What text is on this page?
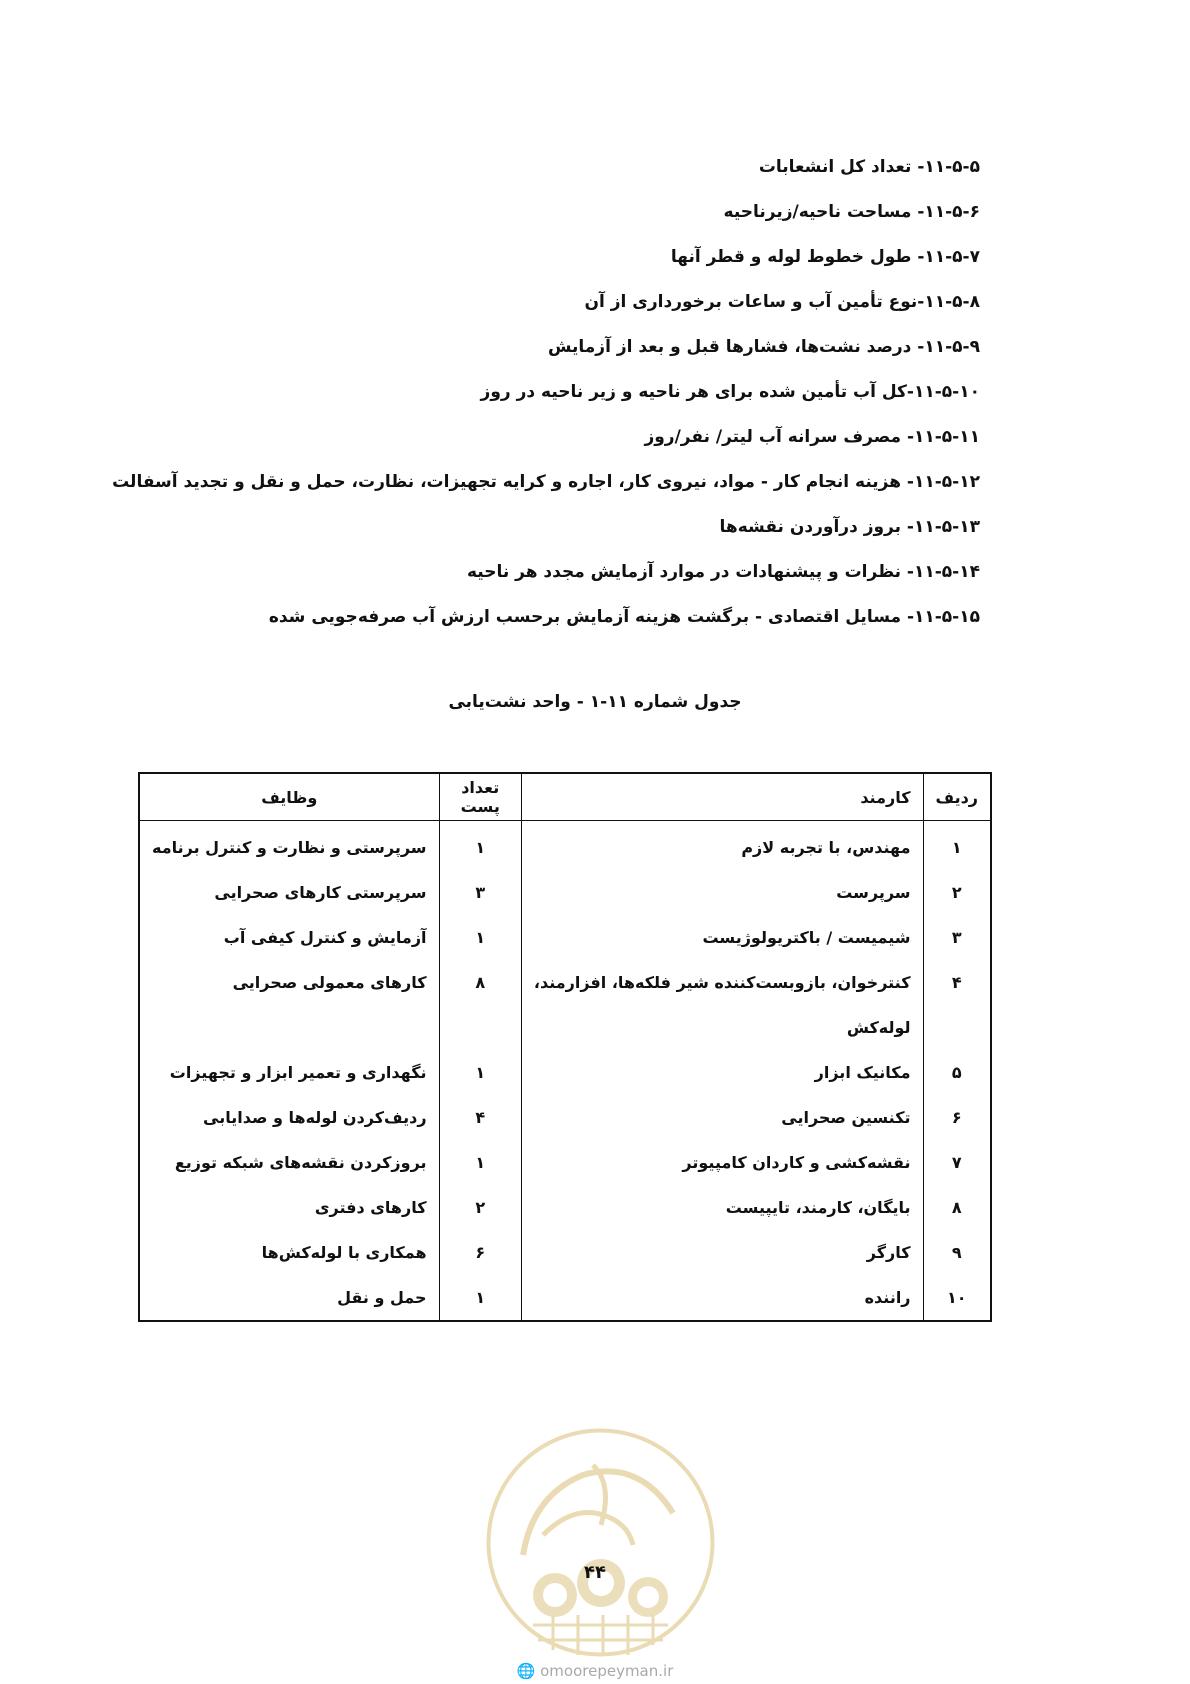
۱۱-۵-۵- تعداد کل انشعابات
۱۱-۵-۶- مساحت ناحیه/زیرناحیه
۱۱-۵-۷- طول خطوط لوله و قطر آنها
۱۱-۵-۸-نوع تأمین آب و ساعات برخورداری از آن
۱۱-۵-۹- درصد نشت‌ها، فشارها قبل و بعد از آزمایش
۱۱-۵-۱۰-کل آب تأمین شده برای هر ناحیه و زیر ناحیه در روز
۱۱-۵-۱۱- مصرف سرانه آب لیتر/ نفر/روز
۱۱-۵-۱۲- هزینه انجام کار - مواد، نیروی کار، اجاره و کرایه تجهیزات، نظارت، حمل و نقل و تجدید آسفالت
۱۱-۵-۱۳- بروز درآوردن نقشه‌ها
۱۱-۵-۱۴- نظرات و پیشنهادات در موارد آزمایش مجدد هر ناحیه
۱۱-۵-۱۵- مسایل اقتصادی - برگشت هزینه آزمایش برحسب ارزش آب صرفه‌جویی شده
جدول شماره ۱۱-۱ - واحد نشت‌یابی
ردیف	کارمند	تعداد پست	وظایف
۱	مهندس، با تجربه لازم	۱	سرپرستی و نظارت و کنترل برنامه
۲	سرپرست	۳	سرپرستی کارهای صحرایی
۳	شیمیست / باکتریولوژیست	۱	آزمایش و کنترل کیفی آب
۴	کنترخوان، بازوبست‌کننده شیر فلکه‌ها، افزارمند،	۸	کارهای معمولی صحرایی
	لوله‌کش		
۵	مکانیک ابزار	۱	نگهداری و تعمیر ابزار و تجهیزات
۶	تکنسین صحرایی	۴	ردیف‌کردن لوله‌ها و صدایابی
۷	نقشه‌کشی و کاردان کامپیوتر	۱	بروزکردن نقشه‌های شبکه توزیع
۸	بایگان، کارمند، تایپیست	۲	کارهای دفتری
۹	کارگر	۶	همکاری با لوله‌کش‌ها
۱۰	راننده	۱	حمل و نقل
۴۴
🌐 omoorepeyman.ir
